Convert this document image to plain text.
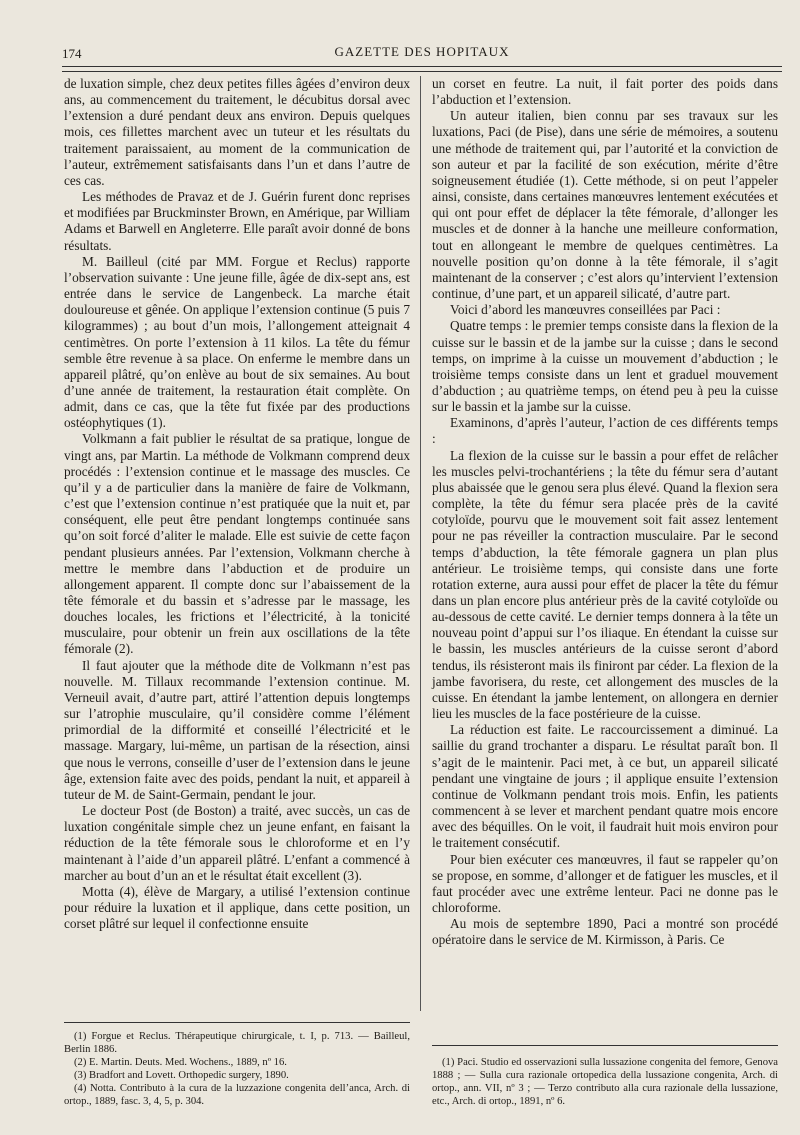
174	GAZETTE DES HOPITAUX

de luxation simple, chez deux petites filles âgées d’environ deux ans, au commencement du traitement, le décubitus dorsal avec l’extension a duré pendant deux ans environ. Depuis quelques mois, ces fillettes marchent avec un tuteur et les résultats du traitement paraissaient, au moment de la communication de l’auteur, extrêmement satisfaisants dans l’un et dans l’autre de ces cas.

Les méthodes de Pravaz et de J. Guérin furent donc reprises et modifiées par Bruckminster Brown, en Amérique, par William Adams et Barwell en Angleterre. Elle paraît avoir donné de bons résultats.

M. Bailleul (cité par MM. Forgue et Reclus) rapporte l’observation suivante : Une jeune fille, âgée de dix-sept ans, est entrée dans le service de Langenbeck. La marche était douloureuse et gênée. On applique l’extension continue (5 puis 7 kilogrammes) ; au bout d’un mois, l’allongement atteignait 4 centimètres. On porte l’extension à 11 kilos. La tête du fémur semble être revenue à sa place. On enferme le membre dans un appareil plâtré, qu’on enlève au bout de six semaines. Au bout d’une année de traitement, la restauration était complète. On admit, dans ce cas, que la tête fut fixée par des productions ostéophytiques (1).

Volkmann a fait publier le résultat de sa pratique, longue de vingt ans, par Martin. La méthode de Volkmann comprend deux procédés : l’extension continue et le massage des muscles. Ce qu’il y a de particulier dans la manière de faire de Volkmann, c’est que l’extension continue n’est pratiquée que la nuit et, par conséquent, elle peut être pendant longtemps continuée sans qu’on soit forcé d’aliter le malade. Elle est suivie de cette façon pendant plusieurs années. Par l’extension, Volkmann cherche à mettre le membre dans l’abduction et de produire un allongement apparent. Il compte donc sur l’abaissement de la tête fémorale et du bassin et s’adresse par le massage, les douches locales, les frictions et l’électricité, à la tonicité musculaire, pour obtenir un frein aux oscillations de la tête fémorale (2).

Il faut ajouter que la méthode dite de Volkmann n’est pas nouvelle. M. Tillaux recommande l’extension continue. M. Verneuil avait, d’autre part, attiré l’attention depuis longtemps sur l’atrophie musculaire, qu’il considère comme l’élément primordial de la difformité et conseillé l’électricité et le massage. Margary, lui-même, un partisan de la résection, ainsi que nous le verrons, conseille d’user de l’extension dans le jeune âge, extension faite avec des poids, pendant la nuit, et appareil à tuteur de M. de Saint-Germain, pendant le jour.

Le docteur Post (de Boston) a traité, avec succès, un cas de luxation congénitale simple chez un jeune enfant, en faisant la réduction de la tête fémorale sous le chloroforme et en l’y maintenant à l’aide d’un appareil plâtré. L’enfant a commencé à marcher au bout d’un an et le résultat était excellent (3).

Motta (4), élève de Margary, a utilisé l’extension continue pour réduire la luxation et il applique, dans cette position, un corset plâtré sur lequel il confectionne ensuite

un corset en feutre. La nuit, il fait porter des poids dans l’abduction et l’extension.

Un auteur italien, bien connu par ses travaux sur les luxations, Paci (de Pise), dans une série de mémoires, a soutenu une méthode de traitement qui, par l’autorité et la conviction de son auteur et par la facilité de son exécution, mérite d’être soigneusement étudiée (1). Cette méthode, si on peut l’appeler ainsi, consiste, dans certaines manœuvres lentement exécutées et qui ont pour effet de déplacer la tête fémorale, d’allonger les muscles et de donner à la hanche une meilleure conformation, tout en allongeant le membre de quelques centimètres. La nouvelle position qu’on donne à la tête fémorale, il s’agit maintenant de la conserver ; c’est alors qu’intervient l’extension continue, d’une part, et un appareil silicaté, d’autre part.

Voici d’abord les manœuvres conseillées par Paci :

Quatre temps : le premier temps consiste dans la flexion de la cuisse sur le bassin et de la jambe sur la cuisse ; dans le second temps, on imprime à la cuisse un mouvement d’abduction ; le troisième temps consiste dans un lent et graduel mouvement d’abduction ; au quatrième temps, on étend peu à peu la cuisse sur le bassin et la jambe sur la cuisse.

Examinons, d’après l’auteur, l’action de ces différents temps :

La flexion de la cuisse sur le bassin a pour effet de relâcher les muscles pelvi-trochantériens ; la tête du fémur sera d’autant plus abaissée que le genou sera plus élevé. Quand la flexion sera complète, la tête du fémur sera placée près de la cavité cotyloïde, pourvu que le mouvement soit fait assez lentement pour ne pas réveiller la contraction musculaire. Par le second temps d’abduction, la tête fémorale gagnera un plan plus antérieur. Le troisième temps, qui consiste dans une forte rotation externe, aura aussi pour effet de placer la tête du fémur dans un plan encore plus antérieur près de la cavité cotyloïde ou au-dessous de cette cavité. Le dernier temps donnera à la tête un nouveau point d’appui sur l’os iliaque. En étendant la cuisse sur le bassin, les muscles antérieurs de la cuisse seront d’abord tendus, ils résisteront mais ils finiront par céder. La flexion de la jambe favorisera, du reste, cet allongement des muscles de la cuisse. En étendant la jambe lentement, on allongera en dernier lieu les muscles de la face postérieure de la cuisse.

La réduction est faite. Le raccourcissement a diminué. La saillie du grand trochanter a disparu. Le résultat paraît bon. Il s’agit de le maintenir. Paci met, à ce but, un appareil silicaté pendant une vingtaine de jours ; il applique ensuite l’extension continue de Volkmann pendant trois mois. Enfin, les patients commencent à se lever et marchent pendant quatre mois encore avec des béquilles. On le voit, il faudrait huit mois environ pour le traitement consécutif.

Pour bien exécuter ces manœuvres, il faut se rappeler qu’on se propose, en somme, d’allonger et de fatiguer les muscles, et il faut procéder avec une extrême lenteur. Paci ne donne pas le chloroforme.

Au mois de septembre 1890, Paci a montré son procédé opératoire dans le service de M. Kirmisson, à Paris. Ce

(1) Forgue et Reclus. Thérapeutique chirurgicale, t. I, p. 713. — Bailleul, Berlin 1886.

(2) E. Martin. Deuts. Med. Wochens., 1889, nº 16.

(3) Bradfort and Lovett. Orthopedic surgery, 1890.

(4) Notta. Contributo à la cura de la luzzazione congenita dell’anca, Arch. di ortop., 1889, fasc. 3, 4, 5, p. 304.

(1) Paci. Studio ed osservazioni sulla lussazione congenita del femore, Genova 1888 ; — Sulla cura razionale ortopedica della lussazione congenita, Arch. di ortop., ann. VII, nº 3 ; — Terzo contributo alla cura razionale della lussazione, etc., Arch. di ortop., 1891, nº 6.
